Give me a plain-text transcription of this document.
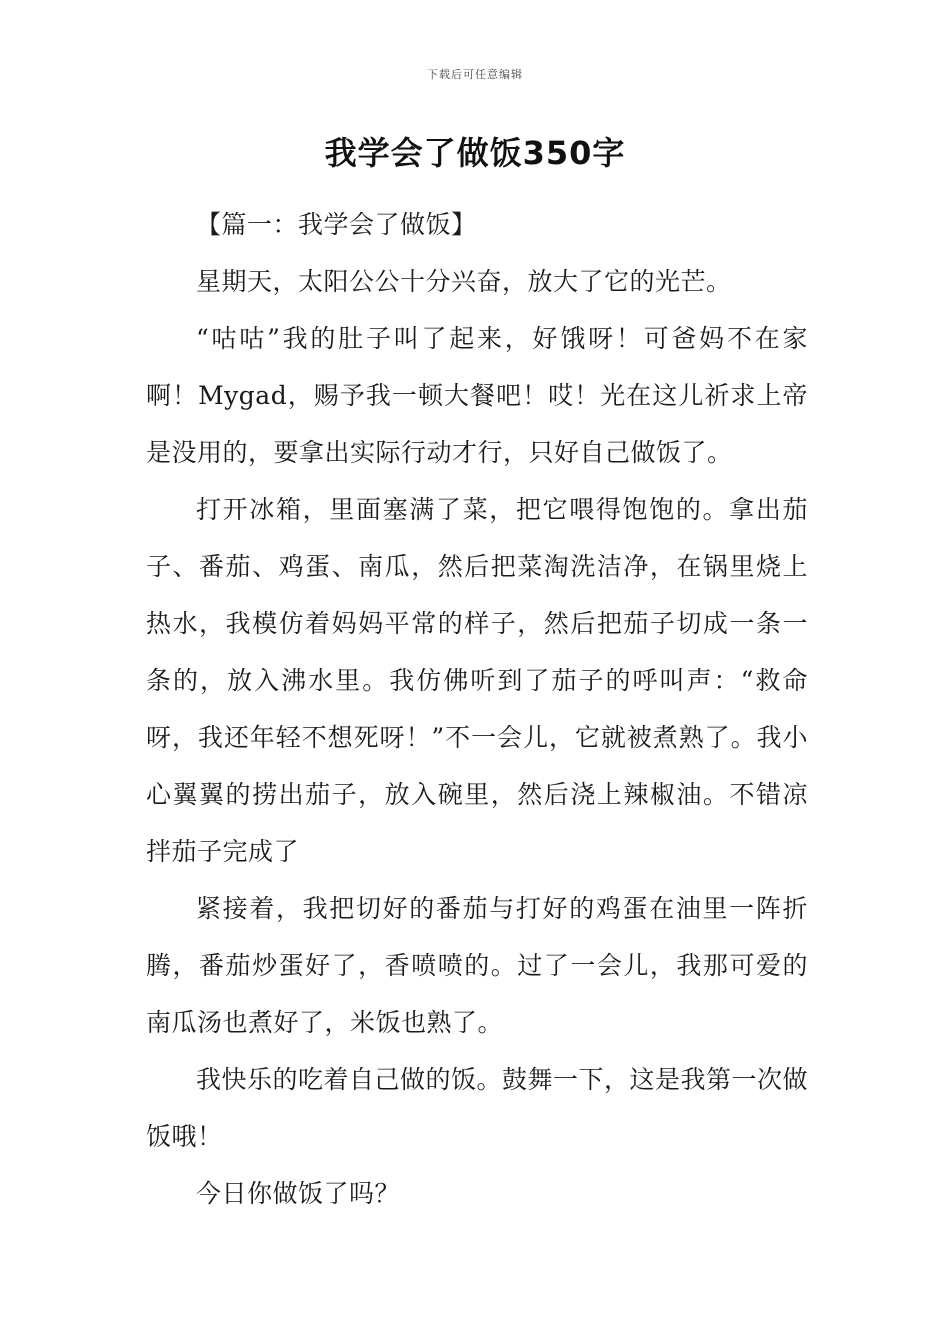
下载后可任意编辑
我学会了做饭350字

【篇一：我学会了做饭】

星期天，太阳公公十分兴奋，放大了它的光芒。

“咕咕”我的肚子叫了起来，好饿呀！可爸妈不在家啊！Mygad，赐予我一顿大餐吧！哎！光在这儿祈求上帝是没用的，要拿出实际行动才行，只好自己做饭了。

打开冰箱，里面塞满了菜，把它喂得饱饱的。拿出茄子、番茄、鸡蛋、南瓜，然后把菜淘洗洁净，在锅里烧上热水，我模仿着妈妈平常的样子，然后把茄子切成一条一条的，放入沸水里。我仿佛听到了茄子的呼叫声：“救命呀，我还年轻不想死呀！”不一会儿，它就被煮熟了。我小心翼翼的捞出茄子，放入碗里，然后浇上辣椒油。不错凉拌茄子完成了

紧接着，我把切好的番茄与打好的鸡蛋在油里一阵折腾，番茄炒蛋好了，香喷喷的。过了一会儿，我那可爱的南瓜汤也煮好了，米饭也熟了。

我快乐的吃着自己做的饭。鼓舞一下，这是我第一次做饭哦！

今日你做饭了吗？
